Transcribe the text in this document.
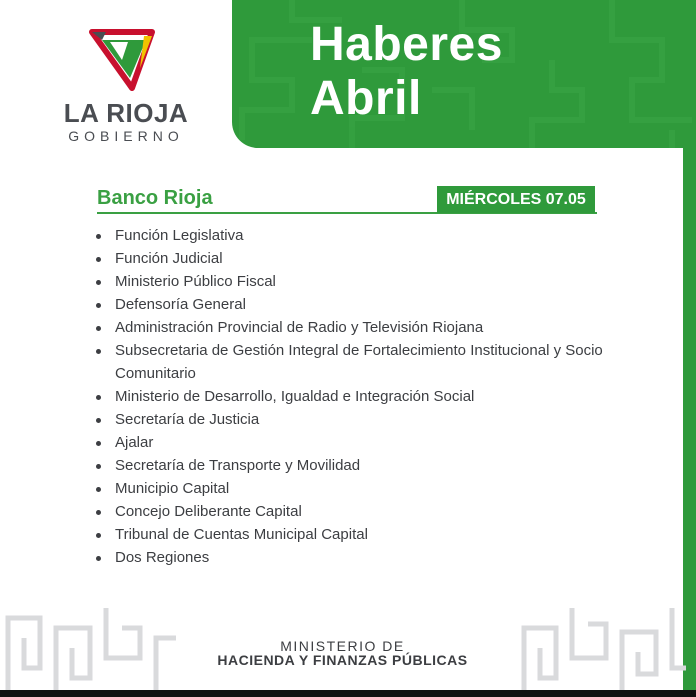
Haberes
Abril
LA RIOJA
GOBIERNO
Banco Rioja	MIÉRCOLES 07.05
Función Legislativa
Función Judicial
Ministerio Público Fiscal
Defensoría General
Administración Provincial de Radio y Televisión Riojana
Subsecretaria de Gestión Integral de Fortalecimiento Institucional y Socio Comunitario
Ministerio de Desarrollo, Igualdad e Integración Social
Secretaría de Justicia
Ajalar
Secretaría de Transporte y Movilidad
Municipio Capital
Concejo Deliberante Capital
Tribunal de Cuentas Municipal Capital
Dos Regiones
MINISTERIO DE
HACIENDA Y FINANZAS PÚBLICAS
